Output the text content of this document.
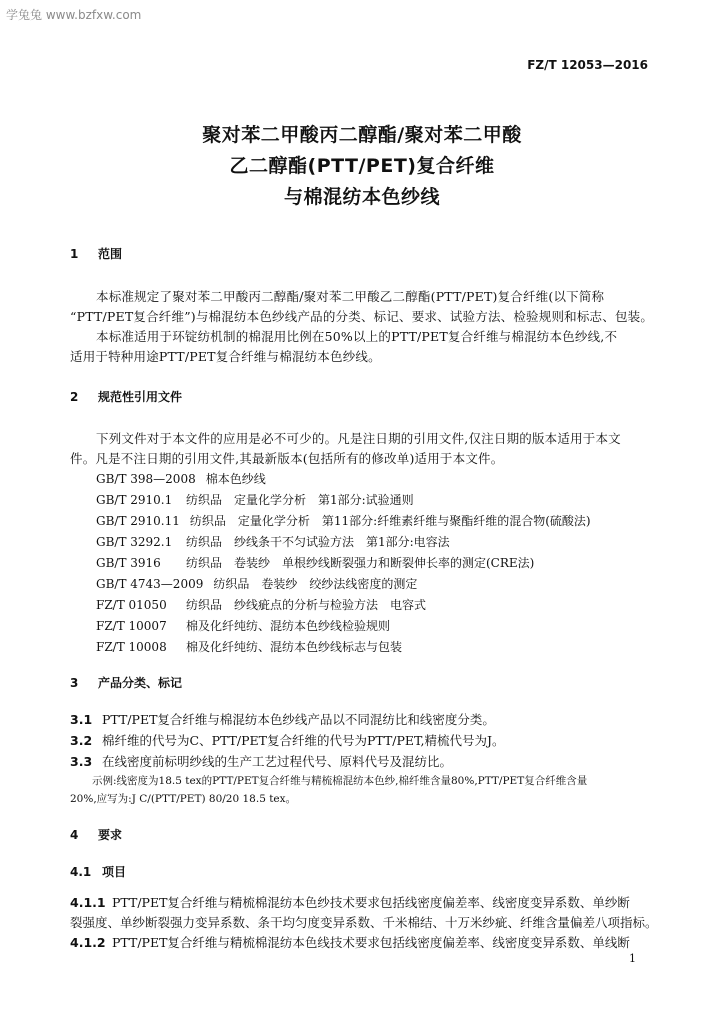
学兔兔 www.bzfxw.com
FZ/T 12053—2016
聚对苯二甲酸丙二醇酯/聚对苯二甲酸
乙二醇酯(PTT/PET)复合纤维
与棉混纺本色纱线
1 范围
本标准规定了聚对苯二甲酸丙二醇酯/聚对苯二甲酸乙二醇酯(PTT/PET)复合纤维(以下简称
“PTT/PET复合纤维”)与棉混纺本色纱线产品的分类、标记、要求、试验方法、检验规则和标志、包装。
本标准适用于环锭纺机制的棉混用比例在50%以上的PTT/PET复合纤维与棉混纺本色纱线,不
适用于特种用途PTT/PET复合纤维与棉混纺本色纱线。
2 规范性引用文件
下列文件对于本文件的应用是必不可少的。凡是注日期的引用文件,仅注日期的版本适用于本文
件。凡是不注日期的引用文件,其最新版本(包括所有的修改单)适用于本文件。
GB/T 398—2008 棉本色纱线
GB/T 2910.1 纺织品　定量化学分析　第1部分:试验通则
GB/T 2910.11 纺织品　定量化学分析　第11部分:纤维素纤维与聚酯纤维的混合物(硫酸法)
GB/T 3292.1 纺织品　纱线条干不匀试验方法　第1部分:电容法
GB/T 3916 纺织品　卷装纱　单根纱线断裂强力和断裂伸长率的测定(CRE法)
GB/T 4743—2009 纺织品　卷装纱　绞纱法线密度的测定
FZ/T 01050 纺织品　纱线疵点的分析与检验方法　电容式
FZ/T 10007 棉及化纤纯纺、混纺本色纱线检验规则
FZ/T 10008 棉及化纤纯纺、混纺本色纱线标志与包装
3 产品分类、标记
3.1 PTT/PET复合纤维与棉混纺本色纱线产品以不同混纺比和线密度分类。
3.2 棉纤维的代号为C、PTT/PET复合纤维的代号为PTT/PET,精梳代号为J。
3.3 在线密度前标明纱线的生产工艺过程代号、原料代号及混纺比。
示例:线密度为18.5 tex的PTT/PET复合纤维与精梳棉混纺本色纱,棉纤维含量80%,PTT/PET复合纤维含量
20%,应写为:J C/(PTT/PET) 80/20 18.5 tex。
4 要求
4.1 项目
4.1.1 PTT/PET复合纤维与精梳棉混纺本色纱技术要求包括线密度偏差率、线密度变异系数、单纱断
裂强度、单纱断裂强力变异系数、条干均匀度变异系数、千米棉结、十万米纱疵、纤维含量偏差八项指标。
4.1.2 PTT/PET复合纤维与精梳棉混纺本色线技术要求包括线密度偏差率、线密度变异系数、单线断
1
